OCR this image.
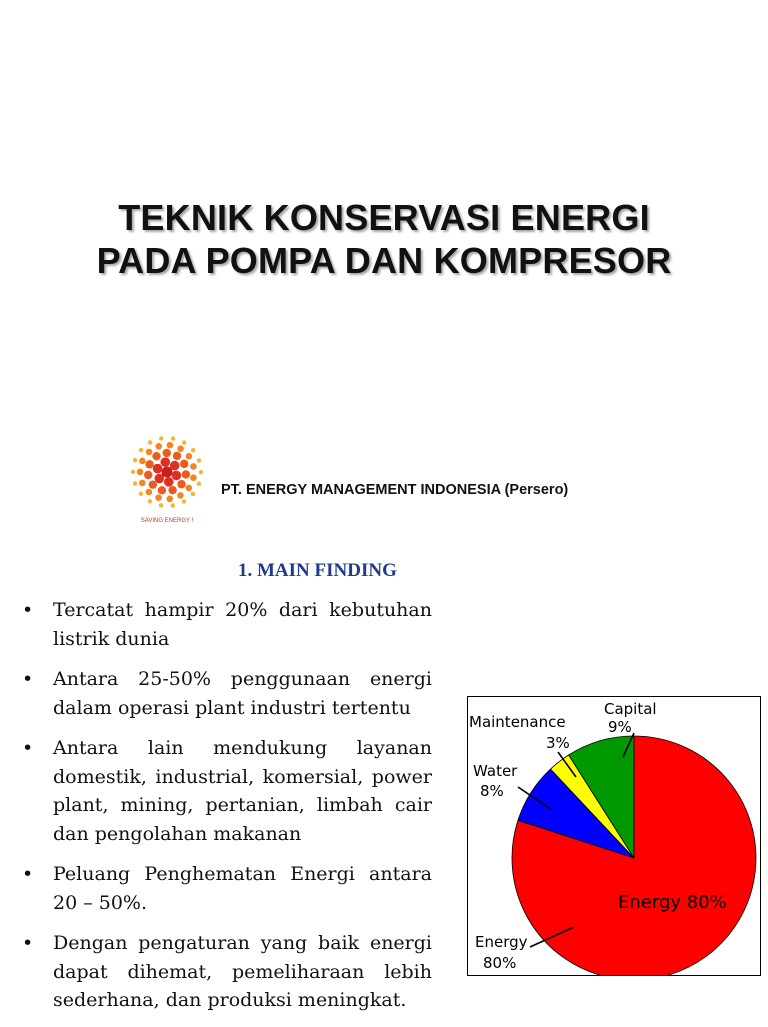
TEKNIK KONSERVASI ENERGI
PADA POMPA DAN KOMPRESOR
SAVING ENERGY !
PT. ENERGY MANAGEMENT INDONESIA (Persero)
1. MAIN FINDING
• Tercatat hampir 20% dari kebutuhan listrik dunia
• Antara 25-50% penggunaan energi dalam operasi plant industri tertentu
• Antara lain mendukung layanan domestik, industrial, komersial, power plant, mining, pertanian, limbah cair dan pengolahan makanan
• Peluang Penghematan Energi antara 20 – 50%.
• Dengan pengaturan yang baik energi dapat dihemat, pemeliharaan lebih sederhana, dan produksi meningkat.
Capital
9%
Maintenance
3%
Water
8%
Energy
80%
Energy 80%
